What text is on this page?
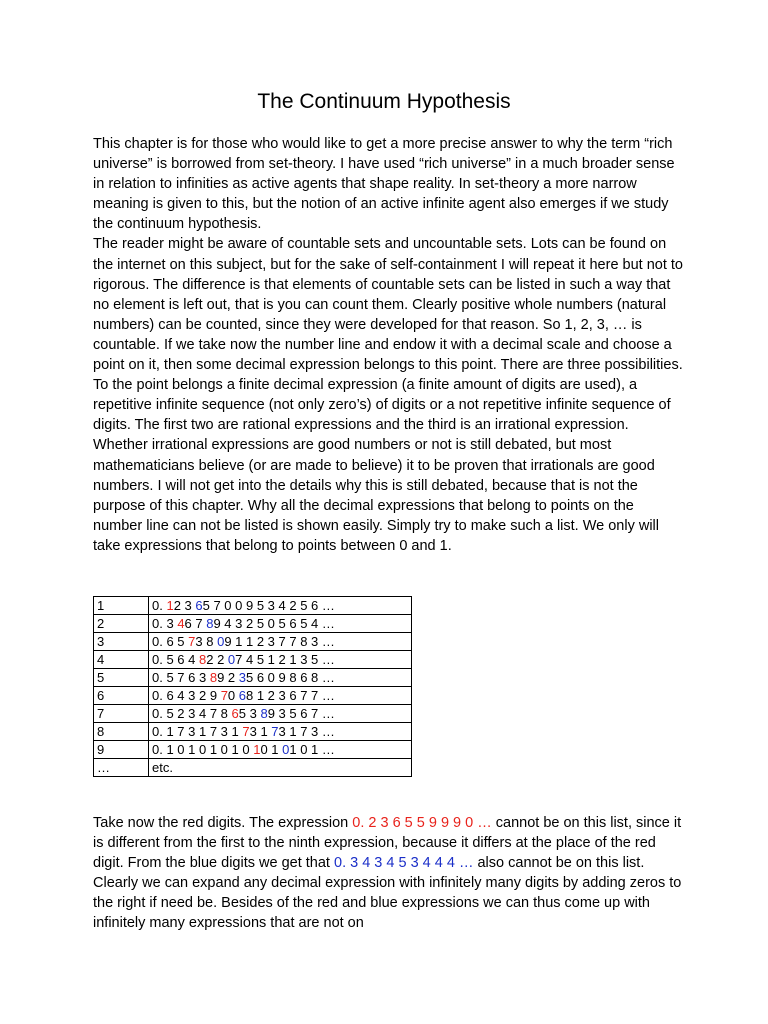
The Continuum Hypothesis

This chapter is for those who would like to get a more precise answer to why the term “rich universe” is borrowed from set-theory. I have used “rich universe” in a much broader sense in relation to infinities as active agents that shape reality. In set-theory a more narrow meaning is given to this, but the notion of an active infinite agent also emerges if we study the continuum hypothesis.

The reader might be aware of countable sets and uncountable sets. Lots can be found on the internet on this subject, but for the sake of self-containment I will repeat it here but not to rigorous. The difference is that elements of countable sets can be listed in such a way that no element is left out, that is you can count them. Clearly positive whole numbers (natural numbers) can be counted, since they were developed for that reason. So 1, 2, 3, … is countable. If we take now the number line and endow it with a decimal scale and choose a point on it, then some decimal expression belongs to this point. There are three possibilities. To the point belongs a finite decimal expression (a finite amount of digits are used), a repetitive infinite sequence (not only zero’s) of digits or a not repetitive infinite sequence of digits. The first two are rational expressions and the third is an irrational expression. Whether irrational expressions are good numbers or not is still debated, but most mathematicians believe (or are made to believe) it to be proven that irrationals are good numbers. I will not get into the details why this is still debated, because that is not the purpose of this chapter. Why all the decimal expressions that belong to points on the number line can not be listed is shown easily. Simply try to make such a list. We only will take expressions that belong to points between 0 and 1.

1	0. 12 3 65 7 0 0 9 5 3 4 2 5 6 …
2	0. 3 46 7 89 4 3 2 5 0 5 6 5 4 …
3	0. 6 5 73 8 09 1 1 2 3 7 7 8 3 …
4	0. 5 6 4 82 2 07 4 5 1 2 1 3 5 …
5	0. 5 7 6 3 89 2 35 6 0 9 8 6 8 …
6	0. 6 4 3 2 9 70 68 1 2 3 6 7 7 …
7	0. 5 2 3 4 7 8 65 3 89 3 5 6 7 …
8	0. 1 7 3 1 7 3 1 73 1 73 1 7 3 …
9	0. 1 0 1 0 1 0 1 0 10 1 01 0 1 …
…	etc.

Take now the red digits. The expression 0. 2 3 6 5 5 9 9 9 0 … cannot be on this list, since it is different from the first to the ninth expression, because it differs at the place of the red digit. From the blue digits we get that 0. 3 4 3 4 5 3 4 4 4 … also cannot be on this list. Clearly we can expand any decimal expression with infinitely many digits by adding zeros to the right if need be. Besides of the red and blue expressions we can thus come up with infinitely many expressions that are not on
